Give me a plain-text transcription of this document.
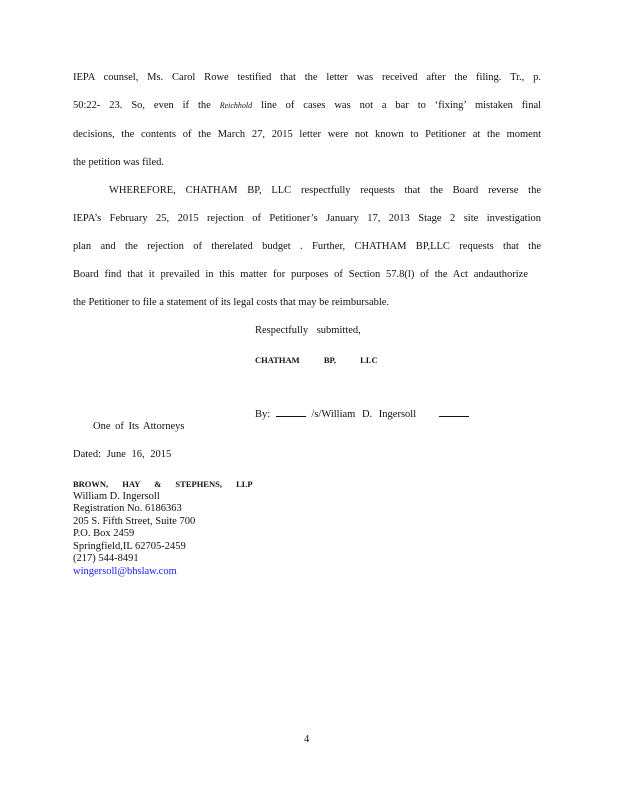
IEPA counsel, Ms. Carol Rowe testified that the letter was received after the filing. Tr., p.
50:22- 23. So, even if the Reichhold line of cases was not a bar to ‘fixing’ mistaken final
decisions, the contents of the March 27, 2015 letter were not known to Petitioner at the moment
the petition was filed.
WHEREFORE, CHATHAM BP, LLC respectfully requests that the Board reverse the
IEPA’s February 25, 2015 rejection of Petitioner’s January 17, 2013 Stage 2 site investigation
plan and the rejection of therelated budget . Further, CHATHAM BP,LLC requests that the
Board find that it prevailed in this matter for purposes of Section 57.8(l) of the Act andauthorize
the Petitioner to file a statement of its legal costs that may be reimbursable.
Respectfully submitted,
CHATHAM BP, LLC
By:	/s/William D. Ingersoll
One of Its Attorneys
Dated: June 16, 2015
BROWN, HAY & STEPHENS, LLP
William D. Ingersoll
Registration No. 6186363
205 S. Fifth Street, Suite 700
P.O. Box 2459
Springfield,IL 62705-2459
(217) 544-8491
wingersoll@bhslaw.com
4
